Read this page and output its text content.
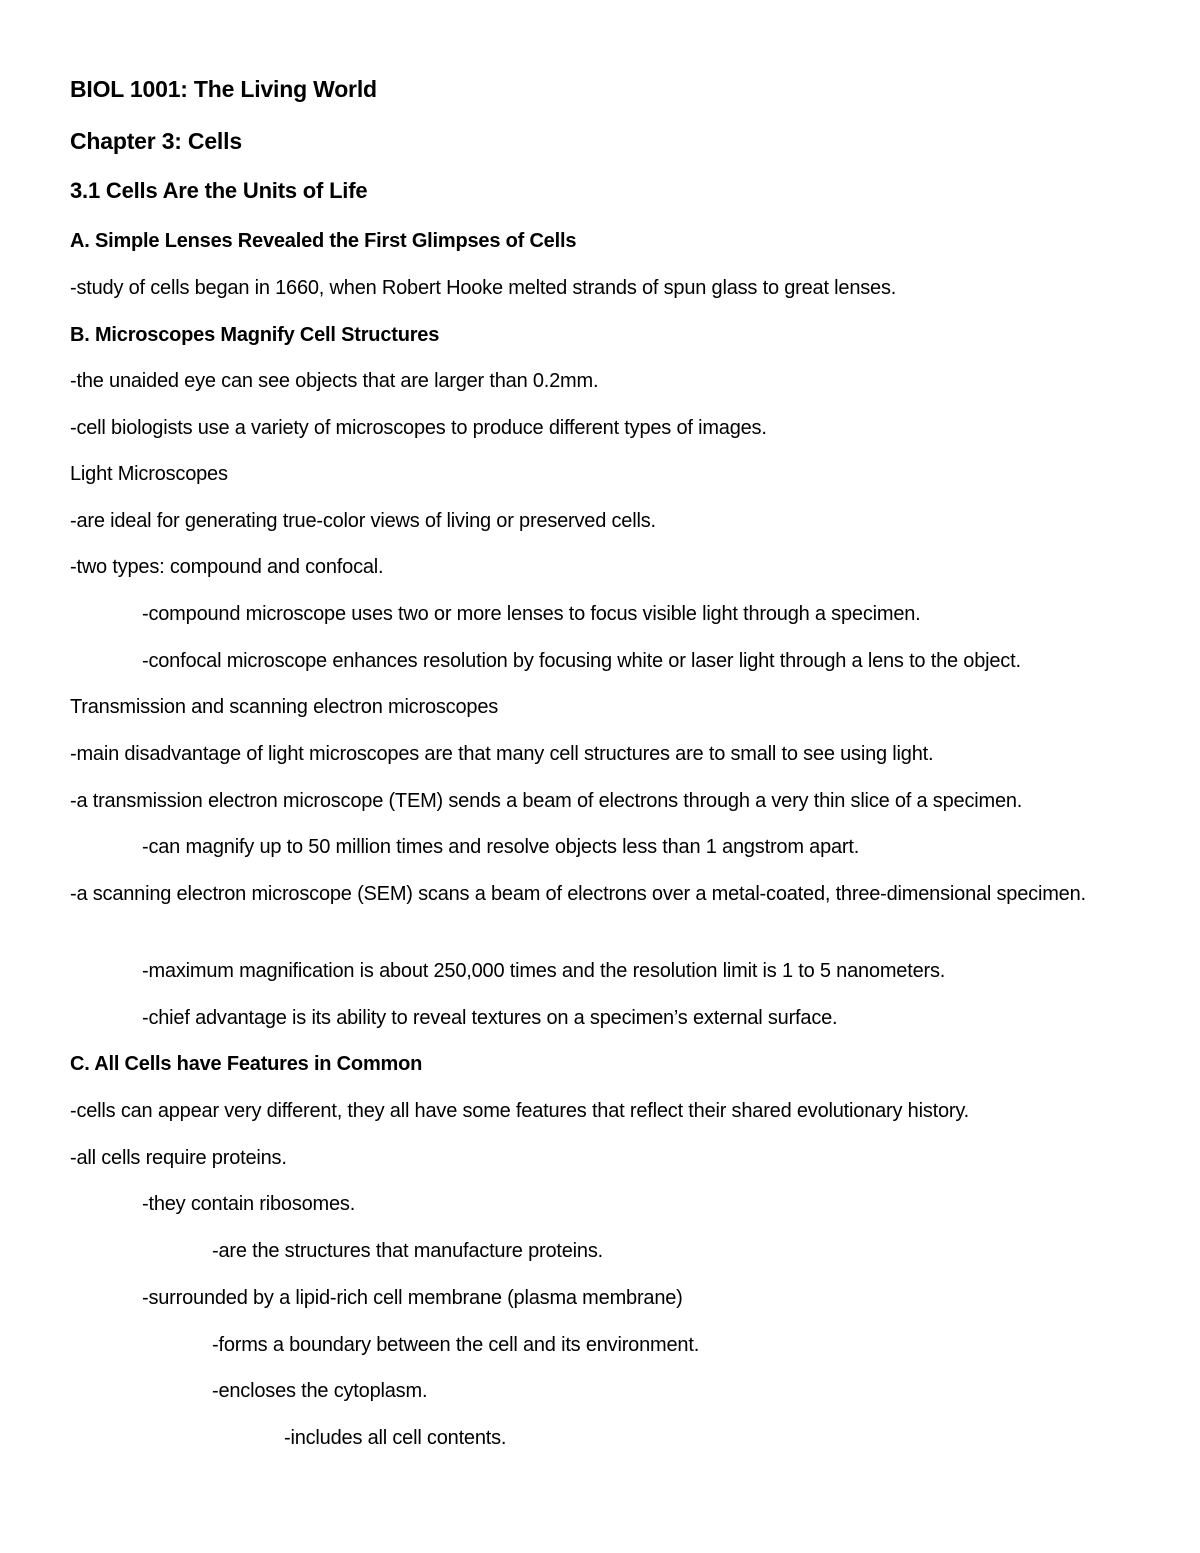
BIOL 1001: The Living World
Chapter 3: Cells
3.1 Cells Are the Units of Life
A. Simple Lenses Revealed the First Glimpses of Cells
-study of cells began in 1660, when Robert Hooke melted strands of spun glass to great lenses.
B. Microscopes Magnify Cell Structures
-the unaided eye can see objects that are larger than 0.2mm.
-cell biologists use a variety of microscopes to produce different types of images.
Light Microscopes
-are ideal for generating true-color views of living or preserved cells.
-two types: compound and confocal.
-compound microscope uses two or more lenses to focus visible light through a specimen.
-confocal microscope enhances resolution by focusing white or laser light through a lens to the object.
Transmission and scanning electron microscopes
-main disadvantage of light microscopes are that many cell structures are to small to see using light.
-a transmission electron microscope (TEM) sends a beam of electrons through a very thin slice of a specimen.
-can magnify up to 50 million times and resolve objects less than 1 angstrom apart.
-a scanning electron microscope (SEM) scans a beam of electrons over a metal-coated, three-dimensional specimen.
-maximum magnification is about 250,000 times and the resolution limit is 1 to 5 nanometers.
-chief advantage is its ability to reveal textures on a specimen’s external surface.
C. All Cells have Features in Common
-cells can appear very different, they all have some features that reflect their shared evolutionary history.
-all cells require proteins.
-they contain ribosomes.
-are the structures that manufacture proteins.
-surrounded by a lipid-rich cell membrane (plasma membrane)
-forms a boundary between the cell and its environment.
-encloses the cytoplasm.
-includes all cell contents.
